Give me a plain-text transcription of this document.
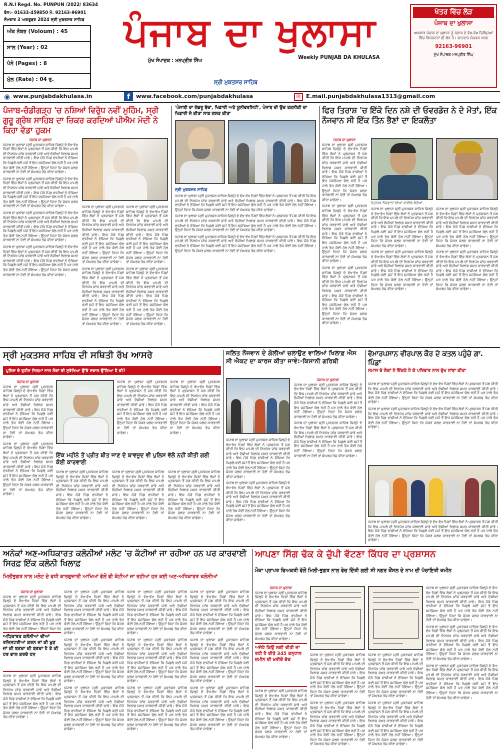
R.N.I Regd. No. PUNPUN /2022/ 83634
ਫੋਨ:- 01633-459850 ਮੋ. 92163-96901
ਸੋਮਵਾਰ 3 ਅਕਤੂਬਰ 2024 ਸ੍ਰੀ ਮੁਕਤਸਰ ਸਾਹਿਬ
ਅੰਕ ਨੰਬਰ (Voloum) : 45
ਸਾਲ (Year) : 02
ਪੰਨੇ (Pages) : 8
ਮੁੱਲ (Rate) : 04 ਰੁ.
ਪੰਜਾਬ ਦਾ ਖੁਲਾਸਾ
Weekly PUNJAB DA KHULASA
ਮੁੱਖ ਸੰਪਾਦਕ : ਮਨਪ੍ਰੀਤ ਸਿੰਘ
ਸ੍ਰੀ ਮੁਕਤਸਰ ਸਾਹਿਬ
ਖੇਤਰ ਵਿੱਚ ਲੋੜ
ਪੰਜਾਬ ਦਾ ਖੁਲਾਸਾ
ਅਖਬਾਰ ਪੰਜਾਬ ਦਾ ਖੁਲਾਸਾ ਨੂੰ ਪੰਜਾਬ ਦੇ ਵੱਖ-ਵੱਖ ਜ਼ਿਲ੍ਹਿਆਂ ਵਿੱਚ ਰਿਪੋਰਟਰਾਂ ਦੀ ਲੋੜ ਹੈ। ਚਾਹਵਾਨ ਸੰਪਰਕ ਕਰਨ
92163-96901
ਮੁੱਖ ਸੰਪਾਦਕ ਮਨਪ੍ਰੀਤ ਸਿੰਘ
◉ www.punjabdakhulasa.in	f	www.facebook.com/punjabdakhulasa	✉ E.mail.punjabdakhulasa1313@gmail.com
ਪੰਜਾਬ-ਚੰਡੀਗੜ੍ਹ 'ਚ ਨਸ਼ਿਆਂ ਵਿਰੁੱਧ ਨਵੀਂ ਮੁਹਿੰਮ, ਸ੍ਰੀ ਗੁਰੂ ਗ੍ਰੰਥ ਸਾਹਿਬ ਦਾ ਜ਼ਿਕਰ ਕਰਦਿਆਂ ਪੀਐਮ ਮੋਦੀ ਨੇ ਕਿਹਾ ਵੱਡਾ ਹੁਕਮ
ਪੰਜਾਬ ਦਾ ਖੁਲਾਸਾ
ਪੰਜਾਬ ਦਾ ਖੁਲਾਸਾ ਸ੍ਰੀ ਮੁਕਤਸਰ ਸਾਹਿਬ ਜ਼ਿਲ੍ਹੇ ਦੇ ਵੱਖ-ਵੱਖ ਪਿੰਡਾਂ ਵਿੱਚ ਲੋਕਾਂ ਨੇ ਪ੍ਰਸ਼ਾਸਨ ਤੋਂ ਮੰਗ ਕੀਤੀ ਕਿ ਇਸ ਮਾਮਲੇ ਦੀ ਨਿਰਪੱਖ ਜਾਂਚ ਕਰਵਾਈ ਜਾਵੇ ਅਤੇ ਦੋਸ਼ੀਆਂ ਖਿਲਾਫ਼ ਸਖ਼ਤ ਕਾਰਵਾਈ ਕੀਤੀ ਜਾਵੇ। ਇਸ ਮੌਕੇ ਪਿੰਡ ਵਾਸੀਆਂ ਨੇ ਦੱਸਿਆ ਕਿ ਪਿਛਲੇ ਕਈ ਸਮੇਂ ਤੋਂ ਇਹ ਸਮੱਸਿਆ ਚੱਲ ਰਹੀ ਹੈ ਪਰ ਹਾਲੇ ਤੱਕ ਕੋਈ ਹੱਲ ਨਹੀਂ ਹੋਇਆ। ਉਨ੍ਹਾਂ ਕਿਹਾ ਕਿ ਜੇਕਰ ਜਲਦ ਕਾਰਵਾਈ ਨਾ ਹੋਈ ਤਾਂ ਸੰਘਰਸ਼ ਤੇਜ਼ ਕੀਤਾ ਜਾਵੇਗਾ।
ਪੰਜਾਬ ਦਾ ਖੁਲਾਸਾ ਸ੍ਰੀ ਮੁਕਤਸਰ ਸਾਹਿਬ ਜ਼ਿਲ੍ਹੇ ਦੇ ਵੱਖ-ਵੱਖ ਪਿੰਡਾਂ ਵਿੱਚ ਲੋਕਾਂ ਨੇ ਪ੍ਰਸ਼ਾਸਨ ਤੋਂ ਮੰਗ ਕੀਤੀ ਕਿ ਇਸ ਮਾਮਲੇ ਦੀ ਨਿਰਪੱਖ ਜਾਂਚ ਕਰਵਾਈ ਜਾਵੇ ਅਤੇ ਦੋਸ਼ੀਆਂ ਖਿਲਾਫ਼ ਸਖ਼ਤ ਕਾਰਵਾਈ ਕੀਤੀ ਜਾਵੇ। ਇਸ ਮੌਕੇ ਪਿੰਡ ਵਾਸੀਆਂ ਨੇ ਦੱਸਿਆ ਕਿ ਪਿਛਲੇ ਕਈ ਸਮੇਂ ਤੋਂ ਇਹ ਸਮੱਸਿਆ ਚੱਲ ਰਹੀ ਹੈ ਪਰ ਹਾਲੇ ਤੱਕ ਕੋਈ ਹੱਲ ਨਹੀਂ ਹੋਇਆ। ਉਨ੍ਹਾਂ ਕਿਹਾ ਕਿ ਜੇਕਰ ਜਲਦ ਕਾਰਵਾਈ ਨਾ ਹੋਈ ਤਾਂ ਸੰਘਰਸ਼ ਤੇਜ਼ ਕੀਤਾ ਜਾਵੇਗਾ।
ਪੰਜਾਬ ਦਾ ਖੁਲਾਸਾ ਸ੍ਰੀ ਮੁਕਤਸਰ ਸਾਹਿਬ ਜ਼ਿਲ੍ਹੇ ਦੇ ਵੱਖ-ਵੱਖ ਪਿੰਡਾਂ ਵਿੱਚ ਲੋਕਾਂ ਨੇ ਪ੍ਰਸ਼ਾਸਨ ਤੋਂ ਮੰਗ ਕੀਤੀ ਕਿ ਇਸ ਮਾਮਲੇ ਦੀ ਨਿਰਪੱਖ ਜਾਂਚ ਕਰਵਾਈ ਜਾਵੇ ਅਤੇ ਦੋਸ਼ੀਆਂ ਖਿਲਾਫ਼ ਸਖ਼ਤ ਕਾਰਵਾਈ ਕੀਤੀ ਜਾਵੇ। ਇਸ ਮੌਕੇ ਪਿੰਡ ਵਾਸੀਆਂ ਨੇ ਦੱਸਿਆ ਕਿ ਪਿਛਲੇ ਕਈ ਸਮੇਂ ਤੋਂ ਇਹ ਸਮੱਸਿਆ ਚੱਲ ਰਹੀ ਹੈ ਪਰ ਹਾਲੇ ਤੱਕ ਕੋਈ ਹੱਲ ਨਹੀਂ ਹੋਇਆ। ਉਨ੍ਹਾਂ ਕਿਹਾ ਕਿ ਜੇਕਰ ਜਲਦ ਕਾਰਵਾਈ ਨਾ ਹੋਈ ਤਾਂ ਸੰਘਰਸ਼ ਤੇਜ਼ ਕੀਤਾ ਜਾਵੇਗਾ।
ਪੰਜਾਬ ਦਾ ਖੁਲਾਸਾ ਸ੍ਰੀ ਮੁਕਤਸਰ ਸਾਹਿਬ ਜ਼ਿਲ੍ਹੇ ਦੇ ਵੱਖ-ਵੱਖ ਪਿੰਡਾਂ ਵਿੱਚ ਲੋਕਾਂ ਨੇ ਪ੍ਰਸ਼ਾਸਨ ਤੋਂ ਮੰਗ ਕੀਤੀ ਕਿ ਇਸ ਮਾਮਲੇ ਦੀ ਨਿਰਪੱਖ ਜਾਂਚ ਕਰਵਾਈ ਜਾਵੇ ਅਤੇ ਦੋਸ਼ੀਆਂ ਖਿਲਾਫ਼ ਸਖ਼ਤ ਕਾਰਵਾਈ ਕੀਤੀ ਜਾਵੇ। ਇਸ ਮੌਕੇ ਪਿੰਡ ਵਾਸੀਆਂ ਨੇ ਦੱਸਿਆ ਕਿ ਪਿਛਲੇ ਕਈ ਸਮੇਂ ਤੋਂ ਇਹ ਸਮੱਸਿਆ ਚੱਲ ਰਹੀ ਹੈ ਪਰ ਹਾਲੇ ਤੱਕ ਕੋਈ ਹੱਲ ਨਹੀਂ ਹੋਇਆ। ਉਨ੍ਹਾਂ ਕਿਹਾ ਕਿ ਜੇਕਰ ਜਲਦ ਕਾਰਵਾਈ ਨਾ ਹੋਈ ਤਾਂ ਸੰਘਰਸ਼ ਤੇਜ਼ ਕੀਤਾ ਜਾਵੇਗਾ।
ਪੰਜਾਬ ਦਾ ਖੁਲਾਸਾ ਸ੍ਰੀ ਮੁਕਤਸਰ ਸਾਹਿਬ ਜ਼ਿਲ੍ਹੇ ਦੇ ਵੱਖ-ਵੱਖ ਪਿੰਡਾਂ ਵਿੱਚ ਲੋਕਾਂ ਨੇ ਪ੍ਰਸ਼ਾਸਨ ਤੋਂ ਮੰਗ ਕੀਤੀ ਕਿ ਇਸ ਮਾਮਲੇ ਦੀ ਨਿਰਪੱਖ ਜਾਂਚ ਕਰਵਾਈ ਜਾਵੇ ਅਤੇ ਦੋਸ਼ੀਆਂ ਖਿਲਾਫ਼ ਸਖ਼ਤ ਕਾਰਵਾਈ ਕੀਤੀ ਜਾਵੇ। ਇਸ ਮੌਕੇ ਪਿੰਡ ਵਾਸੀਆਂ ਨੇ ਦੱਸਿਆ ਕਿ ਪਿਛਲੇ ਕਈ ਸਮੇਂ ਤੋਂ ਇਹ ਸਮੱਸਿਆ ਚੱਲ ਰਹੀ ਹੈ ਪਰ ਹਾਲੇ ਤੱਕ ਕੋਈ ਹੱਲ ਨਹੀਂ ਹੋਇਆ। ਉਨ੍ਹਾਂ ਕਿਹਾ ਕਿ ਜੇਕਰ ਜਲਦ ਕਾਰਵਾਈ ਨਾ ਹੋਈ ਤਾਂ ਸੰਘਰਸ਼ ਤੇਜ਼ ਕੀਤਾ ਜਾਵੇਗਾ।
ਪੰਜਾਬ ਦਾ ਖੁਲਾਸਾ ਸ੍ਰੀ ਮੁਕਤਸਰ ਸਾਹਿਬ ਜ਼ਿਲ੍ਹੇ ਦੇ ਵੱਖ-ਵੱਖ ਪਿੰਡਾਂ ਵਿੱਚ ਲੋਕਾਂ ਨੇ ਪ੍ਰਸ਼ਾਸਨ ਤੋਂ ਮੰਗ ਕੀਤੀ ਕਿ ਇਸ ਮਾਮਲੇ ਦੀ ਨਿਰਪੱਖ ਜਾਂਚ ਕਰਵਾਈ ਜਾਵੇ ਅਤੇ ਦੋਸ਼ੀਆਂ ਖਿਲਾਫ਼ ਸਖ਼ਤ ਕਾਰਵਾਈ ਕੀਤੀ ਜਾਵੇ। ਇਸ ਮੌਕੇ ਪਿੰਡ ਵਾਸੀਆਂ ਨੇ ਦੱਸਿਆ ਕਿ ਪਿਛਲੇ ਕਈ ਸਮੇਂ ਤੋਂ ਇਹ ਸਮੱਸਿਆ ਚੱਲ ਰਹੀ ਹੈ ਪਰ ਹਾਲੇ ਤੱਕ ਕੋਈ ਹੱਲ ਨਹੀਂ ਹੋਇਆ। ਉਨ੍ਹਾਂ ਕਿਹਾ ਕਿ ਜੇਕਰ ਜਲਦ ਕਾਰਵਾਈ ਨਾ ਹੋਈ ਤਾਂ ਸੰਘਰਸ਼ ਤੇਜ਼ ਕੀਤਾ ਜਾਵੇਗਾ।
ਪੰਜਾਬ ਦਾ ਖੁਲਾਸਾ ਸ੍ਰੀ ਮੁਕਤਸਰ ਸਾਹਿਬ ਜ਼ਿਲ੍ਹੇ ਦੇ ਵੱਖ-ਵੱਖ ਪਿੰਡਾਂ ਵਿੱਚ ਲੋਕਾਂ ਨੇ ਪ੍ਰਸ਼ਾਸਨ ਤੋਂ ਮੰਗ ਕੀਤੀ ਕਿ ਇਸ ਮਾਮਲੇ ਦੀ ਨਿਰਪੱਖ ਜਾਂਚ ਕਰਵਾਈ ਜਾਵੇ ਅਤੇ ਦੋਸ਼ੀਆਂ ਖਿਲਾਫ਼ ਸਖ਼ਤ ਕਾਰਵਾਈ ਕੀਤੀ ਜਾਵੇ। ਇਸ ਮੌਕੇ ਪਿੰਡ ਵਾਸੀਆਂ ਨੇ ਦੱਸਿਆ ਕਿ ਪਿਛਲੇ ਕਈ ਸਮੇਂ ਤੋਂ ਇਹ ਸਮੱਸਿਆ ਚੱਲ ਰਹੀ ਹੈ ਪਰ ਹਾਲੇ ਤੱਕ ਕੋਈ ਹੱਲ ਨਹੀਂ ਹੋਇਆ। ਉਨ੍ਹਾਂ ਕਿਹਾ ਕਿ ਜੇਕਰ ਜਲਦ ਕਾਰਵਾਈ ਨਾ ਹੋਈ ਤਾਂ ਸੰਘਰਸ਼ ਤੇਜ਼ ਕੀਤਾ ਜਾਵੇਗਾ।
ਪੰਜਾਬ ਦਾ ਖੁਲਾਸਾ ਸ੍ਰੀ ਮੁਕਤਸਰ ਸਾਹਿਬ ਜ਼ਿਲ੍ਹੇ ਦੇ ਵੱਖ-ਵੱਖ ਪਿੰਡਾਂ ਵਿੱਚ ਲੋਕਾਂ ਨੇ ਪ੍ਰਸ਼ਾਸਨ ਤੋਂ ਮੰਗ ਕੀਤੀ ਕਿ ਇਸ ਮਾਮਲੇ ਦੀ ਨਿਰਪੱਖ ਜਾਂਚ ਕਰਵਾਈ ਜਾਵੇ ਅਤੇ ਦੋਸ਼ੀਆਂ ਖਿਲਾਫ਼ ਸਖ਼ਤ ਕਾਰਵਾਈ ਕੀਤੀ ਜਾਵੇ। ਇਸ ਮੌਕੇ ਪਿੰਡ ਵਾਸੀਆਂ ਨੇ ਦੱਸਿਆ ਕਿ ਪਿਛਲੇ ਕਈ ਸਮੇਂ ਤੋਂ ਇਹ ਸਮੱਸਿਆ ਚੱਲ ਰਹੀ ਹੈ ਪਰ ਹਾਲੇ ਤੱਕ ਕੋਈ ਹੱਲ ਨਹੀਂ ਹੋਇਆ। ਉਨ੍ਹਾਂ ਕਿਹਾ ਕਿ ਜੇਕਰ ਜਲਦ ਕਾਰਵਾਈ ਨਾ ਹੋਈ ਤਾਂ ਸੰਘਰਸ਼ ਤੇਜ਼ ਕੀਤਾ ਜਾਵੇਗਾ।
'ਪੰਜਾਬੀ ਦਾ ਗੱਭਰੂ ਬੱਚਾ, ਖਿਡਾਰੀ ਅਤੇ ਯੂਨੀਵਰਸਿਟੀ', ਪੰਜਾਬ ਦੀ ਉਚ ਤਕਨੀਕੀ ਦਾ ਖਿਡਾਰੀ ਜੋ ਕੀਤਾ ਸਾਫ਼ ਗਲਤ ਕੀਤਾ
ਸ੍ਰੀ ਮੁਕਤਸਰ ਸਾਹਿਬ
ਪੰਜਾਬ ਦਾ ਖੁਲਾਸਾ ਸ੍ਰੀ ਮੁਕਤਸਰ ਸਾਹਿਬ ਜ਼ਿਲ੍ਹੇ ਦੇ ਵੱਖ-ਵੱਖ ਪਿੰਡਾਂ ਵਿੱਚ ਲੋਕਾਂ ਨੇ ਪ੍ਰਸ਼ਾਸਨ ਤੋਂ ਮੰਗ ਕੀਤੀ ਕਿ ਇਸ ਮਾਮਲੇ ਦੀ ਨਿਰਪੱਖ ਜਾਂਚ ਕਰਵਾਈ ਜਾਵੇ ਅਤੇ ਦੋਸ਼ੀਆਂ ਖਿਲਾਫ਼ ਸਖ਼ਤ ਕਾਰਵਾਈ ਕੀਤੀ ਜਾਵੇ। ਇਸ ਮੌਕੇ ਪਿੰਡ ਵਾਸੀਆਂ ਨੇ ਦੱਸਿਆ ਕਿ ਪਿਛਲੇ ਕਈ ਸਮੇਂ ਤੋਂ ਇਹ ਸਮੱਸਿਆ ਚੱਲ ਰਹੀ ਹੈ ਪਰ ਹਾਲੇ ਤੱਕ ਕੋਈ ਹੱਲ ਨਹੀਂ ਹੋਇਆ। ਉਨ੍ਹਾਂ ਕਿਹਾ ਕਿ ਜੇਕਰ ਜਲਦ ਕਾਰਵਾਈ ਨਾ ਹੋਈ ਤਾਂ ਸੰਘਰਸ਼ ਤੇਜ਼ ਕੀਤਾ ਜਾਵੇਗਾ।
ਪੰਜਾਬ ਦਾ ਖੁਲਾਸਾ ਸ੍ਰੀ ਮੁਕਤਸਰ ਸਾਹਿਬ ਜ਼ਿਲ੍ਹੇ ਦੇ ਵੱਖ-ਵੱਖ ਪਿੰਡਾਂ ਵਿੱਚ ਲੋਕਾਂ ਨੇ ਪ੍ਰਸ਼ਾਸਨ ਤੋਂ ਮੰਗ ਕੀਤੀ ਕਿ ਇਸ ਮਾਮਲੇ ਦੀ ਨਿਰਪੱਖ ਜਾਂਚ ਕਰਵਾਈ ਜਾਵੇ ਅਤੇ ਦੋਸ਼ੀਆਂ ਖਿਲਾਫ਼ ਸਖ਼ਤ ਕਾਰਵਾਈ ਕੀਤੀ ਜਾਵੇ। ਇਸ ਮੌਕੇ ਪਿੰਡ ਵਾਸੀਆਂ ਨੇ ਦੱਸਿਆ ਕਿ ਪਿਛਲੇ ਕਈ ਸਮੇਂ ਤੋਂ ਇਹ ਸਮੱਸਿਆ ਚੱਲ ਰਹੀ ਹੈ ਪਰ ਹਾਲੇ ਤੱਕ ਕੋਈ ਹੱਲ ਨਹੀਂ ਹੋਇਆ। ਉਨ੍ਹਾਂ ਕਿਹਾ ਕਿ ਜੇਕਰ ਜਲਦ ਕਾਰਵਾਈ ਨਾ ਹੋਈ ਤਾਂ ਸੰਘਰਸ਼ ਤੇਜ਼ ਕੀਤਾ ਜਾਵੇਗਾ।
ਪੰਜਾਬ ਦਾ ਖੁਲਾਸਾ ਸ੍ਰੀ ਮੁਕਤਸਰ ਸਾਹਿਬ ਜ਼ਿਲ੍ਹੇ ਦੇ ਵੱਖ-ਵੱਖ ਪਿੰਡਾਂ ਵਿੱਚ ਲੋਕਾਂ ਨੇ ਪ੍ਰਸ਼ਾਸਨ ਤੋਂ ਮੰਗ ਕੀਤੀ ਕਿ ਇਸ ਮਾਮਲੇ ਦੀ ਨਿਰਪੱਖ ਜਾਂਚ ਕਰਵਾਈ ਜਾਵੇ ਅਤੇ ਦੋਸ਼ੀਆਂ ਖਿਲਾਫ਼ ਸਖ਼ਤ ਕਾਰਵਾਈ ਕੀਤੀ ਜਾਵੇ। ਇਸ ਮੌਕੇ ਪਿੰਡ ਵਾਸੀਆਂ ਨੇ ਦੱਸਿਆ ਕਿ ਪਿਛਲੇ ਕਈ ਸਮੇਂ ਤੋਂ ਇਹ ਸਮੱਸਿਆ ਚੱਲ ਰਹੀ ਹੈ ਪਰ ਹਾਲੇ ਤੱਕ ਕੋਈ ਹੱਲ ਨਹੀਂ ਹੋਇਆ। ਉਨ੍ਹਾਂ ਕਿਹਾ ਕਿ ਜੇਕਰ ਜਲਦ ਕਾਰਵਾਈ ਨਾ ਹੋਈ ਤਾਂ ਸੰਘਰਸ਼ ਤੇਜ਼ ਕੀਤਾ ਜਾਵੇਗਾ।
ਫਿਰ ਤਿਰਾਸ਼ 'ਚ ਇੱਕੋ ਦਿਨ ਨਸ਼ੇ ਦੀ ਓਵਰਡੋਜ਼ ਨੇ ਦੋ ਮੌਤਾਂ, ਇੱਕ ਨੌਜਵਾਨ ਸੀ ਇੱਕ ਤਿੰਨ ਭੈਣਾਂ ਦਾ ਇਕਲੌਤਾ
ਪੰਜਾਬ ਦਾ ਖੁਲਾਸਾ
ਪੰਜਾਬ ਦਾ ਖੁਲਾਸਾ ਸ੍ਰੀ ਮੁਕਤਸਰ ਸਾਹਿਬ ਜ਼ਿਲ੍ਹੇ ਦੇ ਵੱਖ-ਵੱਖ ਪਿੰਡਾਂ ਵਿੱਚ ਲੋਕਾਂ ਨੇ ਪ੍ਰਸ਼ਾਸਨ ਤੋਂ ਮੰਗ ਕੀਤੀ ਕਿ ਇਸ ਮਾਮਲੇ ਦੀ ਨਿਰਪੱਖ ਜਾਂਚ ਕਰਵਾਈ ਜਾਵੇ ਅਤੇ ਦੋਸ਼ੀਆਂ ਖਿਲਾਫ਼ ਸਖ਼ਤ ਕਾਰਵਾਈ ਕੀਤੀ ਜਾਵੇ। ਇਸ ਮੌਕੇ ਪਿੰਡ ਵਾਸੀਆਂ ਨੇ ਦੱਸਿਆ ਕਿ ਪਿਛਲੇ ਕਈ ਸਮੇਂ ਤੋਂ ਇਹ ਸਮੱਸਿਆ ਚੱਲ ਰਹੀ ਹੈ ਪਰ ਹਾਲੇ ਤੱਕ ਕੋਈ ਹੱਲ ਨਹੀਂ ਹੋਇਆ। ਉਨ੍ਹਾਂ ਕਿਹਾ ਕਿ ਜੇਕਰ ਜਲਦ ਕਾਰਵਾਈ ਨਾ ਹੋਈ ਤਾਂ ਸੰਘਰਸ਼ ਤੇਜ਼ ਕੀਤਾ ਜਾਵੇਗਾ।
ਪੰਜਾਬ ਦਾ ਖੁਲਾਸਾ ਸ੍ਰੀ ਮੁਕਤਸਰ ਸਾਹਿਬ ਜ਼ਿਲ੍ਹੇ ਦੇ ਵੱਖ-ਵੱਖ ਪਿੰਡਾਂ ਵਿੱਚ ਲੋਕਾਂ ਨੇ ਪ੍ਰਸ਼ਾਸਨ ਤੋਂ ਮੰਗ ਕੀਤੀ ਕਿ ਇਸ ਮਾਮਲੇ ਦੀ ਨਿਰਪੱਖ ਜਾਂਚ ਕਰਵਾਈ ਜਾਵੇ ਅਤੇ ਦੋਸ਼ੀਆਂ ਖਿਲਾਫ਼ ਸਖ਼ਤ ਕਾਰਵਾਈ ਕੀਤੀ ਜਾਵੇ। ਇਸ ਮੌਕੇ ਪਿੰਡ ਵਾਸੀਆਂ ਨੇ ਦੱਸਿਆ ਕਿ ਪਿਛਲੇ ਕਈ ਸਮੇਂ ਤੋਂ ਇਹ ਸਮੱਸਿਆ ਚੱਲ ਰਹੀ ਹੈ ਪਰ ਹਾਲੇ ਤੱਕ ਕੋਈ ਹੱਲ ਨਹੀਂ ਹੋਇਆ। ਉਨ੍ਹਾਂ ਕਿਹਾ ਕਿ ਜੇਕਰ ਜਲਦ ਕਾਰਵਾਈ ਨਾ ਹੋਈ ਤਾਂ ਸੰਘਰਸ਼ ਤੇਜ਼ ਕੀਤਾ ਜਾਵੇਗਾ।
ਪੰਜਾਬ ਦਾ ਖੁਲਾਸਾ ਸ੍ਰੀ ਮੁਕਤਸਰ ਸਾਹਿਬ ਜ਼ਿਲ੍ਹੇ ਦੇ ਵੱਖ-ਵੱਖ ਪਿੰਡਾਂ ਵਿੱਚ ਲੋਕਾਂ ਨੇ ਪ੍ਰਸ਼ਾਸਨ ਤੋਂ ਮੰਗ ਕੀਤੀ ਕਿ ਇਸ ਮਾਮਲੇ ਦੀ ਨਿਰਪੱਖ ਜਾਂਚ ਕਰਵਾਈ ਜਾਵੇ ਅਤੇ ਦੋਸ਼ੀਆਂ ਖਿਲਾਫ਼ ਸਖ਼ਤ ਕਾਰਵਾਈ ਕੀਤੀ ਜਾਵੇ। ਇਸ ਮੌਕੇ ਪਿੰਡ ਵਾਸੀਆਂ ਨੇ ਦੱਸਿਆ ਕਿ ਪਿਛਲੇ ਕਈ ਸਮੇਂ ਤੋਂ ਇਹ ਸਮੱਸਿਆ ਚੱਲ ਰਹੀ ਹੈ ਪਰ ਹਾਲੇ ਤੱਕ ਕੋਈ ਹੱਲ ਨਹੀਂ ਹੋਇਆ। ਉਨ੍ਹਾਂ ਕਿਹਾ ਕਿ ਜੇਕਰ ਜਲਦ ਕਾਰਵਾਈ ਨਾ ਹੋਈ ਤਾਂ ਸੰਘਰਸ਼ ਤੇਜ਼ ਕੀਤਾ ਜਾਵੇਗਾ।
ਮ੍ਰਿਤਕ ਨੌਜਵਾਨਾਂ ਦੀਆਂ ਫਾਈਲ ਫੋਟੋਆਂ
ਪੰਜਾਬ ਦਾ ਖੁਲਾਸਾ ਸ੍ਰੀ ਮੁਕਤਸਰ ਸਾਹਿਬ ਜ਼ਿਲ੍ਹੇ ਦੇ ਵੱਖ-ਵੱਖ ਪਿੰਡਾਂ ਵਿੱਚ ਲੋਕਾਂ ਨੇ ਪ੍ਰਸ਼ਾਸਨ ਤੋਂ ਮੰਗ ਕੀਤੀ ਕਿ ਇਸ ਮਾਮਲੇ ਦੀ ਨਿਰਪੱਖ ਜਾਂਚ ਕਰਵਾਈ ਜਾਵੇ ਅਤੇ ਦੋਸ਼ੀਆਂ ਖਿਲਾਫ਼ ਸਖ਼ਤ ਕਾਰਵਾਈ ਕੀਤੀ ਜਾਵੇ। ਇਸ ਮੌਕੇ ਪਿੰਡ ਵਾਸੀਆਂ ਨੇ ਦੱਸਿਆ ਕਿ ਪਿਛਲੇ ਕਈ ਸਮੇਂ ਤੋਂ ਇਹ ਸਮੱਸਿਆ ਚੱਲ ਰਹੀ ਹੈ ਪਰ ਹਾਲੇ ਤੱਕ ਕੋਈ ਹੱਲ ਨਹੀਂ ਹੋਇਆ। ਉਨ੍ਹਾਂ ਕਿਹਾ ਕਿ ਜੇਕਰ ਜਲਦ ਕਾਰਵਾਈ ਨਾ ਹੋਈ ਤਾਂ ਸੰਘਰਸ਼ ਤੇਜ਼ ਕੀਤਾ ਜਾਵੇਗਾ।
ਪੰਜਾਬ ਦਾ ਖੁਲਾਸਾ ਸ੍ਰੀ ਮੁਕਤਸਰ ਸਾਹਿਬ ਜ਼ਿਲ੍ਹੇ ਦੇ ਵੱਖ-ਵੱਖ ਪਿੰਡਾਂ ਵਿੱਚ ਲੋਕਾਂ ਨੇ ਪ੍ਰਸ਼ਾਸਨ ਤੋਂ ਮੰਗ ਕੀਤੀ ਕਿ ਇਸ ਮਾਮਲੇ ਦੀ ਨਿਰਪੱਖ ਜਾਂਚ ਕਰਵਾਈ ਜਾਵੇ ਅਤੇ ਦੋਸ਼ੀਆਂ ਖਿਲਾਫ਼ ਸਖ਼ਤ ਕਾਰਵਾਈ ਕੀਤੀ ਜਾਵੇ। ਇਸ ਮੌਕੇ ਪਿੰਡ ਵਾਸੀਆਂ ਨੇ ਦੱਸਿਆ ਕਿ ਪਿਛਲੇ ਕਈ ਸਮੇਂ ਤੋਂ ਇਹ ਸਮੱਸਿਆ ਚੱਲ ਰਹੀ ਹੈ ਪਰ ਹਾਲੇ ਤੱਕ ਕੋਈ ਹੱਲ ਨਹੀਂ ਹੋਇਆ। ਉਨ੍ਹਾਂ ਕਿਹਾ ਕਿ ਜੇਕਰ ਜਲਦ ਕਾਰਵਾਈ ਨਾ ਹੋਈ ਤਾਂ ਸੰਘਰਸ਼ ਤੇਜ਼ ਕੀਤਾ ਜਾਵੇਗਾ।
ਪੰਜਾਬ ਦਾ ਖੁਲਾਸਾ ਸ੍ਰੀ ਮੁਕਤਸਰ ਸਾਹਿਬ ਜ਼ਿਲ੍ਹੇ ਦੇ ਵੱਖ-ਵੱਖ ਪਿੰਡਾਂ ਵਿੱਚ ਲੋਕਾਂ ਨੇ ਪ੍ਰਸ਼ਾਸਨ ਤੋਂ ਮੰਗ ਕੀਤੀ ਕਿ ਇਸ ਮਾਮਲੇ ਦੀ ਨਿਰਪੱਖ ਜਾਂਚ ਕਰਵਾਈ ਜਾਵੇ ਅਤੇ ਦੋਸ਼ੀਆਂ ਖਿਲਾਫ਼ ਸਖ਼ਤ ਕਾਰਵਾਈ ਕੀਤੀ ਜਾਵੇ। ਇਸ ਮੌਕੇ ਪਿੰਡ ਵਾਸੀਆਂ ਨੇ ਦੱਸਿਆ ਕਿ ਪਿਛਲੇ ਕਈ ਸਮੇਂ ਤੋਂ ਇਹ ਸਮੱਸਿਆ ਚੱਲ ਰਹੀ ਹੈ ਪਰ ਹਾਲੇ ਤੱਕ ਕੋਈ ਹੱਲ ਨਹੀਂ ਹੋਇਆ। ਉਨ੍ਹਾਂ ਕਿਹਾ ਕਿ ਜੇਕਰ ਜਲਦ ਕਾਰਵਾਈ ਨਾ ਹੋਈ ਤਾਂ ਸੰਘਰਸ਼ ਤੇਜ਼ ਕੀਤਾ ਜਾਵੇਗਾ।
ਪੰਜਾਬ ਦਾ ਖੁਲਾਸਾ ਸ੍ਰੀ ਮੁਕਤਸਰ ਸਾਹਿਬ ਜ਼ਿਲ੍ਹੇ ਦੇ ਵੱਖ-ਵੱਖ ਪਿੰਡਾਂ ਵਿੱਚ ਲੋਕਾਂ ਨੇ ਪ੍ਰਸ਼ਾਸਨ ਤੋਂ ਮੰਗ ਕੀਤੀ ਕਿ ਇਸ ਮਾਮਲੇ ਦੀ ਨਿਰਪੱਖ ਜਾਂਚ ਕਰਵਾਈ ਜਾਵੇ ਅਤੇ ਦੋਸ਼ੀਆਂ ਖਿਲਾਫ਼ ਸਖ਼ਤ ਕਾਰਵਾਈ ਕੀਤੀ ਜਾਵੇ। ਇਸ ਮੌਕੇ ਪਿੰਡ ਵਾਸੀਆਂ ਨੇ ਦੱਸਿਆ ਕਿ ਪਿਛਲੇ ਕਈ ਸਮੇਂ ਤੋਂ ਇਹ ਸਮੱਸਿਆ ਚੱਲ ਰਹੀ ਹੈ ਪਰ ਹਾਲੇ ਤੱਕ ਕੋਈ ਹੱਲ ਨਹੀਂ ਹੋਇਆ। ਉਨ੍ਹਾਂ ਕਿਹਾ ਕਿ ਜੇਕਰ ਜਲਦ ਕਾਰਵਾਈ ਨਾ ਹੋਈ ਤਾਂ ਸੰਘਰਸ਼ ਤੇਜ਼ ਕੀਤਾ ਜਾਵੇਗਾ।
ਸ੍ਰੀ ਮੁਕਤਸਰ ਸਾਹਿਬ ਦੀ ਸਥਿਤੀ ਰੱਖ ਆਸਰੇ
ਪੁਲਿਸ ਦੇ ਰੁਟੀਨ ਨਿਯਮਾਂ ਨਾਲ ਲੋਕਾਂ ਦੀ ਸੁਰੱਖਿਆ ਉੱਤੇ ਸਵਾਲ ਉੱਠਿਆ ਹੈ ਕੀ?
ਪੰਜਾਬ ਦਾ ਖੁਲਾਸਾ
ਪੰਜਾਬ ਦਾ ਖੁਲਾਸਾ ਸ੍ਰੀ ਮੁਕਤਸਰ ਸਾਹਿਬ ਜ਼ਿਲ੍ਹੇ ਦੇ ਵੱਖ-ਵੱਖ ਪਿੰਡਾਂ ਵਿੱਚ ਲੋਕਾਂ ਨੇ ਪ੍ਰਸ਼ਾਸਨ ਤੋਂ ਮੰਗ ਕੀਤੀ ਕਿ ਇਸ ਮਾਮਲੇ ਦੀ ਨਿਰਪੱਖ ਜਾਂਚ ਕਰਵਾਈ ਜਾਵੇ ਅਤੇ ਦੋਸ਼ੀਆਂ ਖਿਲਾਫ਼ ਸਖ਼ਤ ਕਾਰਵਾਈ ਕੀਤੀ ਜਾਵੇ। ਇਸ ਮੌਕੇ ਪਿੰਡ ਵਾਸੀਆਂ ਨੇ ਦੱਸਿਆ ਕਿ ਪਿਛਲੇ ਕਈ ਸਮੇਂ ਤੋਂ ਇਹ ਸਮੱਸਿਆ ਚੱਲ ਰਹੀ ਹੈ ਪਰ ਹਾਲੇ ਤੱਕ ਕੋਈ ਹੱਲ ਨਹੀਂ ਹੋਇਆ। ਉਨ੍ਹਾਂ ਕਿਹਾ ਕਿ ਜੇਕਰ ਜਲਦ ਕਾਰਵਾਈ ਨਾ ਹੋਈ ਤਾਂ ਸੰਘਰਸ਼ ਤੇਜ਼ ਕੀਤਾ ਜਾਵੇਗਾ।
ਪੰਜਾਬ ਦਾ ਖੁਲਾਸਾ ਸ੍ਰੀ ਮੁਕਤਸਰ ਸਾਹਿਬ ਜ਼ਿਲ੍ਹੇ ਦੇ ਵੱਖ-ਵੱਖ ਪਿੰਡਾਂ ਵਿੱਚ ਲੋਕਾਂ ਨੇ ਪ੍ਰਸ਼ਾਸਨ ਤੋਂ ਮੰਗ ਕੀਤੀ ਕਿ ਇਸ ਮਾਮਲੇ ਦੀ ਨਿਰਪੱਖ ਜਾਂਚ ਕਰਵਾਈ ਜਾਵੇ ਅਤੇ ਦੋਸ਼ੀਆਂ ਖਿਲਾਫ਼ ਸਖ਼ਤ ਕਾਰਵਾਈ ਕੀਤੀ ਜਾਵੇ। ਇਸ ਮੌਕੇ ਪਿੰਡ ਵਾਸੀਆਂ ਨੇ ਦੱਸਿਆ ਕਿ ਪਿਛਲੇ ਕਈ ਸਮੇਂ ਤੋਂ ਇਹ ਸਮੱਸਿਆ ਚੱਲ ਰਹੀ ਹੈ ਪਰ ਹਾਲੇ ਤੱਕ ਕੋਈ ਹੱਲ ਨਹੀਂ ਹੋਇਆ। ਉਨ੍ਹਾਂ ਕਿਹਾ ਕਿ ਜੇਕਰ ਜਲਦ ਕਾਰਵਾਈ ਨਾ ਹੋਈ ਤਾਂ ਸੰਘਰਸ਼ ਤੇਜ਼ ਕੀਤਾ ਜਾਵੇਗਾ।
ਪੰਜਾਬ ਦਾ ਖੁਲਾਸਾ ਸ੍ਰੀ ਮੁਕਤਸਰ ਸਾਹਿਬ ਜ਼ਿਲ੍ਹੇ ਦੇ ਵੱਖ-ਵੱਖ ਪਿੰਡਾਂ ਵਿੱਚ ਲੋਕਾਂ ਨੇ ਪ੍ਰਸ਼ਾਸਨ ਤੋਂ ਮੰਗ ਕੀਤੀ ਕਿ ਇਸ ਮਾਮਲੇ ਦੀ ਨਿਰਪੱਖ ਜਾਂਚ ਕਰਵਾਈ ਜਾਵੇ ਅਤੇ ਦੋਸ਼ੀਆਂ ਖਿਲਾਫ਼ ਸਖ਼ਤ ਕਾਰਵਾਈ ਕੀਤੀ ਜਾਵੇ। ਇਸ ਮੌਕੇ ਪਿੰਡ ਵਾਸੀਆਂ ਨੇ ਦੱਸਿਆ ਕਿ ਪਿਛਲੇ ਕਈ ਸਮੇਂ ਤੋਂ ਇਹ ਸਮੱਸਿਆ ਚੱਲ ਰਹੀ ਹੈ ਪਰ ਹਾਲੇ ਤੱਕ ਕੋਈ ਹੱਲ ਨਹੀਂ ਹੋਇਆ। ਉਨ੍ਹਾਂ ਕਿਹਾ ਕਿ ਜੇਕਰ ਜਲਦ ਕਾਰਵਾਈ ਨਾ ਹੋਈ ਤਾਂ ਸੰਘਰਸ਼ ਤੇਜ਼ ਕੀਤਾ ਜਾਵੇਗਾ।
ਪੰਜਾਬ ਦਾ ਖੁਲਾਸਾ ਸ੍ਰੀ ਮੁਕਤਸਰ ਸਾਹਿਬ ਜ਼ਿਲ੍ਹੇ ਦੇ ਵੱਖ-ਵੱਖ ਪਿੰਡਾਂ ਵਿੱਚ ਲੋਕਾਂ ਨੇ ਪ੍ਰਸ਼ਾਸਨ ਤੋਂ ਮੰਗ ਕੀਤੀ ਕਿ ਇਸ ਮਾਮਲੇ ਦੀ ਨਿਰਪੱਖ ਜਾਂਚ ਕਰਵਾਈ ਜਾਵੇ ਅਤੇ ਦੋਸ਼ੀਆਂ ਖਿਲਾਫ਼ ਸਖ਼ਤ ਕਾਰਵਾਈ ਕੀਤੀ ਜਾਵੇ। ਇਸ ਮੌਕੇ ਪਿੰਡ ਵਾਸੀਆਂ ਨੇ ਦੱਸਿਆ ਕਿ ਪਿਛਲੇ ਕਈ ਸਮੇਂ ਤੋਂ ਇਹ ਸਮੱਸਿਆ ਚੱਲ ਰਹੀ ਹੈ ਪਰ ਹਾਲੇ ਤੱਕ ਕੋਈ ਹੱਲ ਨਹੀਂ ਹੋਇਆ। ਉਨ੍ਹਾਂ ਕਿਹਾ ਕਿ ਜੇਕਰ ਜਲਦ ਕਾਰਵਾਈ ਨਾ ਹੋਈ ਤਾਂ ਸੰਘਰਸ਼ ਤੇਜ਼ ਕੀਤਾ ਜਾਵੇਗਾ।
ਇੱਕ ਮਹੀਨੇ ਤੋਂ ਪ੍ਰੀਤ ਬੀਤ ਜਾਣ ਦੇ ਬਾਵਜੂਦ ਵੀ ਪੁਲਿਸ ਵੱਲੋਂ ਨਹੀਂ ਕੀਤੀ ਗਈ ਕੋਈ ਕਾਰਵਾਈ
ਪੰਜਾਬ ਦਾ ਖੁਲਾਸਾ ਸ੍ਰੀ ਮੁਕਤਸਰ ਸਾਹਿਬ ਜ਼ਿਲ੍ਹੇ ਦੇ ਵੱਖ-ਵੱਖ ਪਿੰਡਾਂ ਵਿੱਚ ਲੋਕਾਂ ਨੇ ਪ੍ਰਸ਼ਾਸਨ ਤੋਂ ਮੰਗ ਕੀਤੀ ਕਿ ਇਸ ਮਾਮਲੇ ਦੀ ਨਿਰਪੱਖ ਜਾਂਚ ਕਰਵਾਈ ਜਾਵੇ ਅਤੇ ਦੋਸ਼ੀਆਂ ਖਿਲਾਫ਼ ਸਖ਼ਤ ਕਾਰਵਾਈ ਕੀਤੀ ਜਾਵੇ। ਇਸ ਮੌਕੇ ਪਿੰਡ ਵਾਸੀਆਂ ਨੇ ਦੱਸਿਆ ਕਿ ਪਿਛਲੇ ਕਈ ਸਮੇਂ ਤੋਂ ਇਹ ਸਮੱਸਿਆ ਚੱਲ ਰਹੀ ਹੈ ਪਰ ਹਾਲੇ ਤੱਕ ਕੋਈ ਹੱਲ ਨਹੀਂ ਹੋਇਆ। ਉਨ੍ਹਾਂ ਕਿਹਾ ਕਿ ਜੇਕਰ ਜਲਦ ਕਾਰਵਾਈ ਨਾ ਹੋਈ ਤਾਂ ਸੰਘਰਸ਼ ਤੇਜ਼ ਕੀਤਾ ਜਾਵੇਗਾ।
ਪੰਜਾਬ ਦਾ ਖੁਲਾਸਾ ਸ੍ਰੀ ਮੁਕਤਸਰ ਸਾਹਿਬ ਜ਼ਿਲ੍ਹੇ ਦੇ ਵੱਖ-ਵੱਖ ਪਿੰਡਾਂ ਵਿੱਚ ਲੋਕਾਂ ਨੇ ਪ੍ਰਸ਼ਾਸਨ ਤੋਂ ਮੰਗ ਕੀਤੀ ਕਿ ਇਸ ਮਾਮਲੇ ਦੀ ਨਿਰਪੱਖ ਜਾਂਚ ਕਰਵਾਈ ਜਾਵੇ ਅਤੇ ਦੋਸ਼ੀਆਂ ਖਿਲਾਫ਼ ਸਖ਼ਤ ਕਾਰਵਾਈ ਕੀਤੀ ਜਾਵੇ। ਇਸ ਮੌਕੇ ਪਿੰਡ ਵਾਸੀਆਂ ਨੇ ਦੱਸਿਆ ਕਿ ਪਿਛਲੇ ਕਈ ਸਮੇਂ ਤੋਂ ਇਹ ਸਮੱਸਿਆ ਚੱਲ ਰਹੀ ਹੈ ਪਰ ਹਾਲੇ ਤੱਕ ਕੋਈ ਹੱਲ ਨਹੀਂ ਹੋਇਆ। ਉਨ੍ਹਾਂ ਕਿਹਾ ਕਿ ਜੇਕਰ ਜਲਦ ਕਾਰਵਾਈ ਨਾ ਹੋਈ ਤਾਂ ਸੰਘਰਸ਼ ਤੇਜ਼ ਕੀਤਾ ਜਾਵੇਗਾ।
ਪੰਜਾਬ ਦਾ ਖੁਲਾਸਾ ਸ੍ਰੀ ਮੁਕਤਸਰ ਸਾਹਿਬ ਜ਼ਿਲ੍ਹੇ ਦੇ ਵੱਖ-ਵੱਖ ਪਿੰਡਾਂ ਵਿੱਚ ਲੋਕਾਂ ਨੇ ਪ੍ਰਸ਼ਾਸਨ ਤੋਂ ਮੰਗ ਕੀਤੀ ਕਿ ਇਸ ਮਾਮਲੇ ਦੀ ਨਿਰਪੱਖ ਜਾਂਚ ਕਰਵਾਈ ਜਾਵੇ ਅਤੇ ਦੋਸ਼ੀਆਂ ਖਿਲਾਫ਼ ਸਖ਼ਤ ਕਾਰਵਾਈ ਕੀਤੀ ਜਾਵੇ। ਇਸ ਮੌਕੇ ਪਿੰਡ ਵਾਸੀਆਂ ਨੇ ਦੱਸਿਆ ਕਿ ਪਿਛਲੇ ਕਈ ਸਮੇਂ ਤੋਂ ਇਹ ਸਮੱਸਿਆ ਚੱਲ ਰਹੀ ਹੈ ਪਰ ਹਾਲੇ ਤੱਕ ਕੋਈ ਹੱਲ ਨਹੀਂ ਹੋਇਆ। ਉਨ੍ਹਾਂ ਕਿਹਾ ਕਿ ਜੇਕਰ ਜਲਦ ਕਾਰਵਾਈ ਨਾ ਹੋਈ ਤਾਂ ਸੰਘਰਸ਼ ਤੇਜ਼ ਕੀਤਾ ਜਾਵੇਗਾ।
ਜਲਿਤ ਨੌਜਵਾਨ ਦੇ ਗੋਲੀਆਂ ਚਲਾਉਣ ਵਾਲਿਆਂ ਖਿਲਾਫ਼ ਐਸ ਸੀ ਐਕਟ ਦਾ ਕਾਰਜ ਕੀਤਾ ਜਾਵੇ:-ਕਿਸਾਨੀ ਗਰਿਬੀ
ਪੰਜਾਬ ਦਾ ਖੁਲਾਸਾ
ਪੰਜਾਬ ਦਾ ਖੁਲਾਸਾ ਸ੍ਰੀ ਮੁਕਤਸਰ ਸਾਹਿਬ ਜ਼ਿਲ੍ਹੇ ਦੇ ਵੱਖ-ਵੱਖ ਪਿੰਡਾਂ ਵਿੱਚ ਲੋਕਾਂ ਨੇ ਪ੍ਰਸ਼ਾਸਨ ਤੋਂ ਮੰਗ ਕੀਤੀ ਕਿ ਇਸ ਮਾਮਲੇ ਦੀ ਨਿਰਪੱਖ ਜਾਂਚ ਕਰਵਾਈ ਜਾਵੇ ਅਤੇ ਦੋਸ਼ੀਆਂ ਖਿਲਾਫ਼ ਸਖ਼ਤ ਕਾਰਵਾਈ ਕੀਤੀ ਜਾਵੇ। ਇਸ ਮੌਕੇ ਪਿੰਡ ਵਾਸੀਆਂ ਨੇ ਦੱਸਿਆ ਕਿ ਪਿਛਲੇ ਕਈ ਸਮੇਂ ਤੋਂ ਇਹ ਸਮੱਸਿਆ ਚੱਲ ਰਹੀ ਹੈ ਪਰ ਹਾਲੇ ਤੱਕ ਕੋਈ ਹੱਲ ਨਹੀਂ ਹੋਇਆ। ਉਨ੍ਹਾਂ ਕਿਹਾ ਕਿ ਜੇਕਰ ਜਲਦ ਕਾਰਵਾਈ ਨਾ ਹੋਈ ਤਾਂ ਸੰਘਰਸ਼ ਤੇਜ਼ ਕੀਤਾ ਜਾਵੇਗਾ।
ਪੰਜਾਬ ਦਾ ਖੁਲਾਸਾ ਸ੍ਰੀ ਮੁਕਤਸਰ ਸਾਹਿਬ ਜ਼ਿਲ੍ਹੇ ਦੇ ਵੱਖ-ਵੱਖ ਪਿੰਡਾਂ ਵਿੱਚ ਲੋਕਾਂ ਨੇ ਪ੍ਰਸ਼ਾਸਨ ਤੋਂ ਮੰਗ ਕੀਤੀ ਕਿ ਇਸ ਮਾਮਲੇ ਦੀ ਨਿਰਪੱਖ ਜਾਂਚ ਕਰਵਾਈ ਜਾਵੇ ਅਤੇ ਦੋਸ਼ੀਆਂ ਖਿਲਾਫ਼ ਸਖ਼ਤ ਕਾਰਵਾਈ ਕੀਤੀ ਜਾਵੇ। ਇਸ ਮੌਕੇ ਪਿੰਡ ਵਾਸੀਆਂ ਨੇ ਦੱਸਿਆ ਕਿ ਪਿਛਲੇ ਕਈ ਸਮੇਂ ਤੋਂ ਇਹ ਸਮੱਸਿਆ ਚੱਲ ਰਹੀ ਹੈ ਪਰ ਹਾਲੇ ਤੱਕ ਕੋਈ ਹੱਲ ਨਹੀਂ ਹੋਇਆ। ਉਨ੍ਹਾਂ ਕਿਹਾ ਕਿ ਜੇਕਰ ਜਲਦ ਕਾਰਵਾਈ ਨਾ ਹੋਈ ਤਾਂ ਸੰਘਰਸ਼ ਤੇਜ਼ ਕੀਤਾ ਜਾਵੇਗਾ।
ਪੰਜਾਬ ਦਾ ਖੁਲਾਸਾ ਸ੍ਰੀ ਮੁਕਤਸਰ ਸਾਹਿਬ ਜ਼ਿਲ੍ਹੇ ਦੇ ਵੱਖ-ਵੱਖ ਪਿੰਡਾਂ ਵਿੱਚ ਲੋਕਾਂ ਨੇ ਪ੍ਰਸ਼ਾਸਨ ਤੋਂ ਮੰਗ ਕੀਤੀ ਕਿ ਇਸ ਮਾਮਲੇ ਦੀ ਨਿਰਪੱਖ ਜਾਂਚ ਕਰਵਾਈ ਜਾਵੇ ਅਤੇ ਦੋਸ਼ੀਆਂ ਖਿਲਾਫ਼ ਸਖ਼ਤ ਕਾਰਵਾਈ ਕੀਤੀ ਜਾਵੇ। ਇਸ ਮੌਕੇ ਪਿੰਡ ਵਾਸੀਆਂ ਨੇ ਦੱਸਿਆ ਕਿ ਪਿਛਲੇ ਕਈ ਸਮੇਂ ਤੋਂ ਇਹ ਸਮੱਸਿਆ ਚੱਲ ਰਹੀ ਹੈ ਪਰ ਹਾਲੇ ਤੱਕ ਕੋਈ ਹੱਲ ਨਹੀਂ ਹੋਇਆ। ਉਨ੍ਹਾਂ ਕਿਹਾ ਕਿ ਜੇਕਰ ਜਲਦ ਕਾਰਵਾਈ ਨਾ ਹੋਈ ਤਾਂ ਸੰਘਰਸ਼ ਤੇਜ਼ ਕੀਤਾ ਜਾਵੇਗਾ।
ਪੰਜਾਬ ਦਾ ਖੁਲਾਸਾ ਸ੍ਰੀ ਮੁਕਤਸਰ ਸਾਹਿਬ ਜ਼ਿਲ੍ਹੇ ਦੇ ਵੱਖ-ਵੱਖ ਪਿੰਡਾਂ ਵਿੱਚ ਲੋਕਾਂ ਨੇ ਪ੍ਰਸ਼ਾਸਨ ਤੋਂ ਮੰਗ ਕੀਤੀ ਕਿ ਇਸ ਮਾਮਲੇ ਦੀ ਨਿਰਪੱਖ ਜਾਂਚ ਕਰਵਾਈ ਜਾਵੇ ਅਤੇ ਦੋਸ਼ੀਆਂ ਖਿਲਾਫ਼ ਸਖ਼ਤ ਕਾਰਵਾਈ ਕੀਤੀ ਜਾਵੇ। ਇਸ ਮੌਕੇ ਪਿੰਡ ਵਾਸੀਆਂ ਨੇ ਦੱਸਿਆ ਕਿ ਪਿਛਲੇ ਕਈ ਸਮੇਂ ਤੋਂ ਇਹ ਸਮੱਸਿਆ ਚੱਲ ਰਹੀ ਹੈ ਪਰ ਹਾਲੇ ਤੱਕ ਕੋਈ ਹੱਲ ਨਹੀਂ ਹੋਇਆ। ਉਨ੍ਹਾਂ ਕਿਹਾ ਕਿ ਜੇਕਰ ਜਲਦ ਕਾਰਵਾਈ ਨਾ ਹੋਈ ਤਾਂ ਸੰਘਰਸ਼ ਤੇਜ਼ ਕੀਤਾ ਜਾਵੇਗਾ।
ਵੋਮਾਰਪਸਾਨ ਵੀਰਪਾਲ ਕੌਰ ਦੇ ਕਤਲ ਪਹੁੰਚੇ ਗਾ. ਪਿੰਡਾਂ
ਸਮਾਜ ਦੇ ਲੋਕਾਂ ਨੇ ਇੱਕਠੇ ਹੋ ਕੇ ਪਰਿਵਾਰ ਨਾਲ ਦੁੱਖ ਸਾਂਝਾ ਕੀਤਾ
ਪੰਜਾਬ ਦਾ ਖੁਲਾਸਾ ਸ੍ਰੀ ਮੁਕਤਸਰ ਸਾਹਿਬ ਜ਼ਿਲ੍ਹੇ ਦੇ ਵੱਖ-ਵੱਖ ਪਿੰਡਾਂ ਵਿੱਚ ਲੋਕਾਂ ਨੇ ਪ੍ਰਸ਼ਾਸਨ ਤੋਂ ਮੰਗ ਕੀਤੀ ਕਿ ਇਸ ਮਾਮਲੇ ਦੀ ਨਿਰਪੱਖ ਜਾਂਚ ਕਰਵਾਈ ਜਾਵੇ ਅਤੇ ਦੋਸ਼ੀਆਂ ਖਿਲਾਫ਼ ਸਖ਼ਤ ਕਾਰਵਾਈ ਕੀਤੀ ਜਾਵੇ। ਇਸ ਮੌਕੇ ਪਿੰਡ ਵਾਸੀਆਂ ਨੇ ਦੱਸਿਆ ਕਿ ਪਿਛਲੇ ਕਈ ਸਮੇਂ ਤੋਂ ਇਹ ਸਮੱਸਿਆ ਚੱਲ ਰਹੀ ਹੈ ਪਰ ਹਾਲੇ ਤੱਕ ਕੋਈ ਹੱਲ ਨਹੀਂ ਹੋਇਆ। ਉਨ੍ਹਾਂ ਕਿਹਾ ਕਿ ਜੇਕਰ ਜਲਦ ਕਾਰਵਾਈ ਨਾ ਹੋਈ ਤਾਂ ਸੰਘਰਸ਼ ਤੇਜ਼ ਕੀਤਾ ਜਾਵੇਗਾ।
ਪੰਜਾਬ ਦਾ ਖੁਲਾਸਾ ਸ੍ਰੀ ਮੁਕਤਸਰ ਸਾਹਿਬ ਜ਼ਿਲ੍ਹੇ ਦੇ ਵੱਖ-ਵੱਖ ਪਿੰਡਾਂ ਵਿੱਚ ਲੋਕਾਂ ਨੇ ਪ੍ਰਸ਼ਾਸਨ ਤੋਂ ਮੰਗ ਕੀਤੀ ਕਿ ਇਸ ਮਾਮਲੇ ਦੀ ਨਿਰਪੱਖ ਜਾਂਚ ਕਰਵਾਈ ਜਾਵੇ ਅਤੇ ਦੋਸ਼ੀਆਂ ਖਿਲਾਫ਼ ਸਖ਼ਤ ਕਾਰਵਾਈ ਕੀਤੀ ਜਾਵੇ। ਇਸ ਮੌਕੇ ਪਿੰਡ ਵਾਸੀਆਂ ਨੇ ਦੱਸਿਆ ਕਿ ਪਿਛਲੇ ਕਈ ਸਮੇਂ ਤੋਂ ਇਹ ਸਮੱਸਿਆ ਚੱਲ ਰਹੀ ਹੈ ਪਰ ਹਾਲੇ ਤੱਕ ਕੋਈ ਹੱਲ ਨਹੀਂ ਹੋਇਆ। ਉਨ੍ਹਾਂ ਕਿਹਾ ਕਿ ਜੇਕਰ ਜਲਦ ਕਾਰਵਾਈ ਨਾ ਹੋਈ ਤਾਂ ਸੰਘਰਸ਼ ਤੇਜ਼ ਕੀਤਾ ਜਾਵੇਗਾ।
ਪੰਜਾਬ ਦਾ ਖੁਲਾਸਾ ਸ੍ਰੀ ਮੁਕਤਸਰ ਸਾਹਿਬ ਜ਼ਿਲ੍ਹੇ ਦੇ ਵੱਖ-ਵੱਖ ਪਿੰਡਾਂ ਵਿੱਚ ਲੋਕਾਂ ਨੇ ਪ੍ਰਸ਼ਾਸਨ ਤੋਂ ਮੰਗ ਕੀਤੀ ਕਿ ਇਸ ਮਾਮਲੇ ਦੀ ਨਿਰਪੱਖ ਜਾਂਚ ਕਰਵਾਈ ਜਾਵੇ ਅਤੇ ਦੋਸ਼ੀਆਂ ਖਿਲਾਫ਼ ਸਖ਼ਤ ਕਾਰਵਾਈ ਕੀਤੀ ਜਾਵੇ। ਇਸ ਮੌਕੇ ਪਿੰਡ ਵਾਸੀਆਂ ਨੇ ਦੱਸਿਆ ਕਿ ਪਿਛਲੇ ਕਈ ਸਮੇਂ ਤੋਂ ਇਹ ਸਮੱਸਿਆ ਚੱਲ ਰਹੀ ਹੈ ਪਰ ਹਾਲੇ ਤੱਕ ਕੋਈ ਹੱਲ ਨਹੀਂ ਹੋਇਆ। ਉਨ੍ਹਾਂ ਕਿਹਾ ਕਿ ਜੇਕਰ ਜਲਦ ਕਾਰਵਾਈ ਨਾ ਹੋਈ ਤਾਂ ਸੰਘਰਸ਼ ਤੇਜ਼ ਕੀਤਾ ਜਾਵੇਗਾ।
ਅਨੇਕਾਂ ਅਣ-ਅਧਿਕਾਰਤ ਕਲੋਨੀਆਂ ਮਲੋਟ 'ਚ ਕੱਟੀਆਂ ਜਾ ਰਹੀਆ ਹਨ ਪਰ ਕਾਰਵਾਈ ਸਿਰਫ਼ ਇੱਕ ਕਲੋਨੀ ਖਿਲਾਫ਼
ਮਿਲੀਭੁਗਤ ਨਾਲ ਮਲੋਟ ਦੇ ਵਧੀ ਕਾਰਗੁਜਾਰੀ ਆਖਿਆਂ ਵੱਲੋਂ ਵੀ ਕੱਟੀਆਂ ਜਾ ਰਹੀਆਂ ਹਨ ਕਈ ਅਣ-ਅਧਿਕਾਰਤ ਕਲੋਨੀਆਂ
ਪੰਜਾਬ ਦਾ ਖੁਲਾਸਾ
ਪੰਜਾਬ ਦਾ ਖੁਲਾਸਾ ਸ੍ਰੀ ਮੁਕਤਸਰ ਸਾਹਿਬ ਜ਼ਿਲ੍ਹੇ ਦੇ ਵੱਖ-ਵੱਖ ਪਿੰਡਾਂ ਵਿੱਚ ਲੋਕਾਂ ਨੇ ਪ੍ਰਸ਼ਾਸਨ ਤੋਂ ਮੰਗ ਕੀਤੀ ਕਿ ਇਸ ਮਾਮਲੇ ਦੀ ਨਿਰਪੱਖ ਜਾਂਚ ਕਰਵਾਈ ਜਾਵੇ ਅਤੇ ਦੋਸ਼ੀਆਂ ਖਿਲਾਫ਼ ਸਖ਼ਤ ਕਾਰਵਾਈ ਕੀਤੀ ਜਾਵੇ। ਇਸ ਮੌਕੇ ਪਿੰਡ ਵਾਸੀਆਂ ਨੇ ਦੱਸਿਆ ਕਿ ਪਿਛਲੇ ਕਈ ਸਮੇਂ ਤੋਂ ਇਹ ਸਮੱਸਿਆ ਚੱਲ ਰਹੀ ਹੈ ਪਰ ਹਾਲੇ ਤੱਕ ਕੋਈ ਹੱਲ ਨਹੀਂ ਹੋਇਆ। ਉਨ੍ਹਾਂ ਕਿਹਾ ਕਿ
ਅਧਿਕਾਰਤ ਕਲੋਨੀਆਂ ਦੀਆਂ ਰਜਿਸਟਰੀਆਂ ਕਰਨ ਜਾਂ ਕੀ ਖ਼ੁੜ ਜਾਂ ਕੀ ਬਣਦਾ ਕੀ ਬਣਦਾ ਹੈ ਤੇ ਕੀ ਹਰ ਵਾਲ ਕਰਦੇ ਹਨ
ਪੰਜਾਬ ਦਾ ਖੁਲਾਸਾ ਸ੍ਰੀ ਮੁਕਤਸਰ ਸਾਹਿਬ ਜ਼ਿਲ੍ਹੇ ਦੇ ਵੱਖ-ਵੱਖ ਪਿੰਡਾਂ ਵਿੱਚ ਲੋਕਾਂ ਨੇ ਪ੍ਰਸ਼ਾਸਨ ਤੋਂ ਮੰਗ ਕੀਤੀ ਕਿ ਇਸ ਮਾਮਲੇ ਦੀ ਨਿਰਪੱਖ ਜਾਂਚ ਕਰਵਾਈ ਜਾਵੇ ਅਤੇ ਦੋਸ਼ੀਆਂ ਖਿਲਾਫ਼ ਸਖ਼ਤ ਕਾਰਵਾਈ ਕੀਤੀ ਜਾਵੇ। ਇਸ ਮੌਕੇ ਪਿੰਡ ਵਾਸੀਆਂ ਨੇ ਦੱਸਿਆ ਕਿ ਪਿਛਲੇ ਕਈ ਸਮੇਂ ਤੋਂ ਇਹ ਸਮੱਸਿਆ ਚੱਲ ਰਹੀ ਹੈ ਪਰ ਹਾਲੇ ਤੱਕ ਕੋਈ ਹੱਲ ਨਹੀਂ ਹੋਇਆ। ਉਨ੍ਹਾਂ ਕਿਹਾ ਕਿ ਜੇਕਰ ਜਲਦ ਕਾਰਵਾਈ ਨਾ ਹੋਈ ਤਾਂ ਸੰਘਰਸ਼ ਤੇਜ਼ ਕੀਤਾ ਜਾਵੇਗਾ।
ਪੰਜਾਬ ਦਾ ਖੁਲਾਸਾ ਸ੍ਰੀ ਮੁਕਤਸਰ ਸਾਹਿਬ ਜ਼ਿਲ੍ਹੇ ਦੇ ਵੱਖ-ਵੱਖ ਪਿੰਡਾਂ ਵਿੱਚ ਲੋਕਾਂ ਨੇ ਪ੍ਰਸ਼ਾਸਨ ਤੋਂ ਮੰਗ ਕੀਤੀ ਕਿ ਇਸ ਮਾਮਲੇ ਦੀ ਨਿਰਪੱਖ ਜਾਂਚ ਕਰਵਾਈ ਜਾਵੇ ਅਤੇ ਦੋਸ਼ੀਆਂ ਖਿਲਾਫ਼ ਸਖ਼ਤ ਕਾਰਵਾਈ ਕੀਤੀ ਜਾਵੇ। ਇਸ ਮੌਕੇ ਪਿੰਡ ਵਾਸੀਆਂ ਨੇ ਦੱਸਿਆ ਕਿ ਪਿਛਲੇ ਕਈ ਸਮੇਂ ਤੋਂ ਇਹ ਸਮੱਸਿਆ ਚੱਲ ਰਹੀ ਹੈ ਪਰ ਹਾਲੇ ਤੱਕ ਕੋਈ ਹੱਲ ਨਹੀਂ ਹੋਇਆ। ਉਨ੍ਹਾਂ ਕਿਹਾ ਕਿ ਜੇਕਰ ਜਲਦ ਕਾਰਵਾਈ ਨਾ ਹੋਈ ਤਾਂ ਸੰਘਰਸ਼ ਤੇਜ਼ ਕੀਤਾ ਜਾਵੇਗਾ।
ਪੰਜਾਬ ਦਾ ਖੁਲਾਸਾ ਸ੍ਰੀ ਮੁਕਤਸਰ ਸਾਹਿਬ ਜ਼ਿਲ੍ਹੇ ਦੇ ਵੱਖ-ਵੱਖ ਪਿੰਡਾਂ ਵਿੱਚ ਲੋਕਾਂ ਨੇ ਪ੍ਰਸ਼ਾਸਨ ਤੋਂ ਮੰਗ ਕੀਤੀ ਕਿ ਇਸ ਮਾਮਲੇ ਦੀ ਨਿਰਪੱਖ ਜਾਂਚ ਕਰਵਾਈ ਜਾਵੇ ਅਤੇ ਦੋਸ਼ੀਆਂ ਖਿਲਾਫ਼ ਸਖ਼ਤ ਕਾਰਵਾਈ ਕੀਤੀ ਜਾਵੇ। ਇਸ ਮੌਕੇ ਪਿੰਡ ਵਾਸੀਆਂ ਨੇ ਦੱਸਿਆ ਕਿ ਪਿਛਲੇ ਕਈ ਸਮੇਂ ਤੋਂ ਇਹ ਸਮੱਸਿਆ ਚੱਲ ਰਹੀ ਹੈ ਪਰ ਹਾਲੇ ਤੱਕ ਕੋਈ ਹੱਲ ਨਹੀਂ ਹੋਇਆ। ਉਨ੍ਹਾਂ ਕਿਹਾ ਕਿ ਜੇਕਰ ਜਲਦ ਕਾਰਵਾਈ ਨਾ ਹੋਈ ਤਾਂ ਸੰਘਰਸ਼ ਤੇਜ਼ ਕੀਤਾ ਜਾਵੇਗਾ।
ਪੰਜਾਬ ਦਾ ਖੁਲਾਸਾ ਸ੍ਰੀ ਮੁਕਤਸਰ ਸਾਹਿਬ ਜ਼ਿਲ੍ਹੇ ਦੇ ਵੱਖ-ਵੱਖ ਪਿੰਡਾਂ ਵਿੱਚ ਲੋਕਾਂ ਨੇ ਪ੍ਰਸ਼ਾਸਨ ਤੋਂ ਮੰਗ ਕੀਤੀ ਕਿ ਇਸ ਮਾਮਲੇ ਦੀ ਨਿਰਪੱਖ ਜਾਂਚ ਕਰਵਾਈ ਜਾਵੇ ਅਤੇ ਦੋਸ਼ੀਆਂ ਖਿਲਾਫ਼ ਸਖ਼ਤ ਕਾਰਵਾਈ ਕੀਤੀ ਜਾਵੇ। ਇਸ ਮੌਕੇ ਪਿੰਡ ਵਾਸੀਆਂ ਨੇ ਦੱਸਿਆ ਕਿ ਪਿਛਲੇ ਕਈ ਸਮੇਂ ਤੋਂ ਇਹ ਸਮੱਸਿਆ ਚੱਲ ਰਹੀ ਹੈ ਪਰ ਹਾਲੇ ਤੱਕ ਕੋਈ ਹੱਲ ਨਹੀਂ ਹੋਇਆ। ਉਨ੍ਹਾਂ ਕਿਹਾ ਕਿ ਜੇਕਰ ਜਲਦ ਕਾਰਵਾਈ ਨਾ ਹੋਈ ਤਾਂ ਸੰਘਰਸ਼ ਤੇਜ਼ ਕੀਤਾ ਜਾਵੇਗਾ।
ਪੰਜਾਬ ਦਾ ਖੁਲਾਸਾ ਸ੍ਰੀ ਮੁਕਤਸਰ ਸਾਹਿਬ ਜ਼ਿਲ੍ਹੇ ਦੇ ਵੱਖ-ਵੱਖ ਪਿੰਡਾਂ ਵਿੱਚ ਲੋਕਾਂ ਨੇ ਪ੍ਰਸ਼ਾਸਨ ਤੋਂ ਮੰਗ ਕੀਤੀ ਕਿ ਇਸ ਮਾਮਲੇ ਦੀ ਨਿਰਪੱਖ ਜਾਂਚ ਕਰਵਾਈ ਜਾਵੇ ਅਤੇ ਦੋਸ਼ੀਆਂ ਖਿਲਾਫ਼ ਸਖ਼ਤ ਕਾਰਵਾਈ ਕੀਤੀ ਜਾਵੇ। ਇਸ ਮੌਕੇ ਪਿੰਡ ਵਾਸੀਆਂ ਨੇ ਦੱਸਿਆ ਕਿ ਪਿਛਲੇ ਕਈ ਸਮੇਂ ਤੋਂ ਇਹ ਸਮੱਸਿਆ ਚੱਲ ਰਹੀ ਹੈ ਪਰ ਹਾਲੇ ਤੱਕ ਕੋਈ ਹੱਲ ਨਹੀਂ ਹੋਇਆ। ਉਨ੍ਹਾਂ ਕਿਹਾ ਕਿ ਜੇਕਰ ਜਲਦ ਕਾਰਵਾਈ ਨਾ ਹੋਈ ਤਾਂ ਸੰਘਰਸ਼ ਤੇਜ਼ ਕੀਤਾ ਜਾਵੇਗਾ।
ਪੰਜਾਬ ਦਾ ਖੁਲਾਸਾ ਸ੍ਰੀ ਮੁਕਤਸਰ ਸਾਹਿਬ ਜ਼ਿਲ੍ਹੇ ਦੇ ਵੱਖ-ਵੱਖ ਪਿੰਡਾਂ ਵਿੱਚ ਲੋਕਾਂ ਨੇ ਪ੍ਰਸ਼ਾਸਨ ਤੋਂ ਮੰਗ ਕੀਤੀ ਕਿ ਇਸ ਮਾਮਲੇ ਦੀ ਨਿਰਪੱਖ ਜਾਂਚ ਕਰਵਾਈ ਜਾਵੇ ਅਤੇ ਦੋਸ਼ੀਆਂ ਖਿਲਾਫ਼ ਸਖ਼ਤ ਕਾਰਵਾਈ ਕੀਤੀ ਜਾਵੇ। ਇਸ ਮੌਕੇ ਪਿੰਡ ਵਾਸੀਆਂ ਨੇ ਦੱਸਿਆ ਕਿ ਪਿਛਲੇ ਕਈ ਸਮੇਂ ਤੋਂ ਇਹ ਸਮੱਸਿਆ ਚੱਲ ਰਹੀ ਹੈ ਪਰ ਹਾਲੇ ਤੱਕ ਕੋਈ ਹੱਲ ਨਹੀਂ ਹੋਇਆ। ਉਨ੍ਹਾਂ ਕਿਹਾ ਕਿ ਜੇਕਰ ਜਲਦ ਕਾਰਵਾਈ ਨਾ ਹੋਈ ਤਾਂ ਸੰਘਰਸ਼ ਤੇਜ਼ ਕੀਤਾ ਜਾਵੇਗਾ।
ਪੰਜਾਬ ਦਾ ਖੁਲਾਸਾ ਸ੍ਰੀ ਮੁਕਤਸਰ ਸਾਹਿਬ ਜ਼ਿਲ੍ਹੇ ਦੇ ਵੱਖ-ਵੱਖ ਪਿੰਡਾਂ ਵਿੱਚ ਲੋਕਾਂ ਨੇ ਪ੍ਰਸ਼ਾਸਨ ਤੋਂ ਮੰਗ ਕੀਤੀ ਕਿ ਇਸ ਮਾਮਲੇ ਦੀ ਨਿਰਪੱਖ ਜਾਂਚ ਕਰਵਾਈ ਜਾਵੇ ਅਤੇ ਦੋਸ਼ੀਆਂ ਖਿਲਾਫ਼ ਸਖ਼ਤ ਕਾਰਵਾਈ ਕੀਤੀ ਜਾਵੇ। ਇਸ ਮੌਕੇ ਪਿੰਡ ਵਾਸੀਆਂ ਨੇ ਦੱਸਿਆ ਕਿ ਪਿਛਲੇ ਕਈ ਸਮੇਂ ਤੋਂ ਇਹ ਸਮੱਸਿਆ ਚੱਲ ਰਹੀ ਹੈ ਪਰ ਹਾਲੇ ਤੱਕ ਕੋਈ ਹੱਲ ਨਹੀਂ ਹੋਇਆ। ਉਨ੍ਹਾਂ ਕਿਹਾ ਕਿ ਜੇਕਰ ਜਲਦ ਕਾਰਵਾਈ ਨਾ ਹੋਈ ਤਾਂ ਸੰਘਰਸ਼ ਤੇਜ਼ ਕੀਤਾ ਜਾਵੇਗਾ।
ਪੰਜਾਬ ਦਾ ਖੁਲਾਸਾ ਸ੍ਰੀ ਮੁਕਤਸਰ ਸਾਹਿਬ ਜ਼ਿਲ੍ਹੇ ਦੇ ਵੱਖ-ਵੱਖ ਪਿੰਡਾਂ ਵਿੱਚ ਲੋਕਾਂ ਨੇ ਪ੍ਰਸ਼ਾਸਨ ਤੋਂ ਮੰਗ ਕੀਤੀ ਕਿ ਇਸ ਮਾਮਲੇ ਦੀ ਨਿਰਪੱਖ ਜਾਂਚ ਕਰਵਾਈ ਜਾਵੇ ਅਤੇ ਦੋਸ਼ੀਆਂ ਖਿਲਾਫ਼ ਸਖ਼ਤ ਕਾਰਵਾਈ ਕੀਤੀ ਜਾਵੇ। ਇਸ ਮੌਕੇ ਪਿੰਡ ਵਾਸੀਆਂ ਨੇ ਦੱਸਿਆ ਕਿ ਪਿਛਲੇ ਕਈ ਸਮੇਂ ਤੋਂ ਇਹ ਸਮੱਸਿਆ ਚੱਲ ਰਹੀ ਹੈ ਪਰ ਹਾਲੇ ਤੱਕ ਕੋਈ ਹੱਲ ਨਹੀਂ ਹੋਇਆ। ਉਨ੍ਹਾਂ ਕਿਹਾ ਕਿ ਜੇਕਰ ਜਲਦ ਕਾਰਵਾਈ ਨਾ ਹੋਈ ਤਾਂ ਸੰਘਰਸ਼ ਤੇਜ਼ ਕੀਤਾ ਜਾਵੇਗਾ।
ਪੰਜਾਬ ਦਾ ਖੁਲਾਸਾ ਸ੍ਰੀ ਮੁਕਤਸਰ ਸਾਹਿਬ ਜ਼ਿਲ੍ਹੇ ਦੇ ਵੱਖ-ਵੱਖ ਪਿੰਡਾਂ ਵਿੱਚ ਲੋਕਾਂ ਨੇ ਪ੍ਰਸ਼ਾਸਨ ਤੋਂ ਮੰਗ ਕੀਤੀ ਕਿ ਇਸ ਮਾਮਲੇ ਦੀ ਨਿਰਪੱਖ ਜਾਂਚ ਕਰਵਾਈ ਜਾਵੇ ਅਤੇ ਦੋਸ਼ੀਆਂ ਖਿਲਾਫ਼ ਸਖ਼ਤ ਕਾਰਵਾਈ ਕੀਤੀ ਜਾਵੇ। ਇਸ ਮੌਕੇ ਪਿੰਡ ਵਾਸੀਆਂ ਨੇ ਦੱਸਿਆ ਕਿ ਪਿਛਲੇ ਕਈ ਸਮੇਂ ਤੋਂ ਇਹ ਸਮੱਸਿਆ ਚੱਲ ਰਹੀ ਹੈ ਪਰ ਹਾਲੇ ਤੱਕ ਕੋਈ ਹੱਲ ਨਹੀਂ ਹੋਇਆ। ਉਨ੍ਹਾਂ ਕਿਹਾ ਕਿ ਜੇਕਰ ਜਲਦ ਕਾਰਵਾਈ ਨਾ ਹੋਈ ਤਾਂ ਸੰਘਰਸ਼ ਤੇਜ਼ ਕੀਤਾ ਜਾਵੇਗਾ।
ਪੰਜਾਬ ਦਾ ਖੁਲਾਸਾ ਸ੍ਰੀ ਮੁਕਤਸਰ ਸਾਹਿਬ ਜ਼ਿਲ੍ਹੇ ਦੇ ਵੱਖ-ਵੱਖ ਪਿੰਡਾਂ ਵਿੱਚ ਲੋਕਾਂ ਨੇ ਪ੍ਰਸ਼ਾਸਨ ਤੋਂ ਮੰਗ ਕੀਤੀ ਕਿ ਇਸ ਮਾਮਲੇ ਦੀ ਨਿਰਪੱਖ ਜਾਂਚ ਕਰਵਾਈ ਜਾਵੇ ਅਤੇ ਦੋਸ਼ੀਆਂ ਖਿਲਾਫ਼ ਸਖ਼ਤ ਕਾਰਵਾਈ ਕੀਤੀ ਜਾਵੇ। ਇਸ ਮੌਕੇ ਪਿੰਡ ਵਾਸੀਆਂ ਨੇ ਦੱਸਿਆ ਕਿ ਪਿਛਲੇ ਕਈ ਸਮੇਂ ਤੋਂ ਇਹ ਸਮੱਸਿਆ ਚੱਲ ਰਹੀ ਹੈ ਪਰ ਹਾਲੇ ਤੱਕ ਕੋਈ ਹੱਲ ਨਹੀਂ ਹੋਇਆ। ਉਨ੍ਹਾਂ ਕਿਹਾ ਕਿ ਜੇਕਰ ਜਲਦ ਕਾਰਵਾਈ ਨਾ ਹੋਈ ਤਾਂ ਸੰਘਰਸ਼ ਤੇਜ਼ ਕੀਤਾ ਜਾਵੇਗਾ।
ਆਪਣਾ ਸਿੱਗ ਢੱਕ ਕੇ ਚੁੱਪੀ ਵੱਟਣਾ ਕਿੱਧਰ ਦਾ ਪ੍ਰਸ਼ਾਸਨ
ਮੌਕਾ ਪ੍ਰਾਪਤ ਵਿਅਕਤੀ ਵੱਲੋਂ ਮਿਲੀ-ਭੁਗਤ ਨਾਲ ਵੇਚ ਦਿੱਤੀ ਗਈ ਸੀ ਨਗਰ ਕੌਂਸਲ ਦੇ ਨਾਮ ਦੀ ਪੰਚਾਇਤੀ ਜ਼ਮੀਨ
ਪੰਜਾਬ ਦਾ ਖੁਲਾਸਾ
ਪੰਜਾਬ ਦਾ ਖੁਲਾਸਾ ਸ੍ਰੀ ਮੁਕਤਸਰ ਸਾਹਿਬ ਜ਼ਿਲ੍ਹੇ ਦੇ ਵੱਖ-ਵੱਖ ਪਿੰਡਾਂ ਵਿੱਚ ਲੋਕਾਂ ਨੇ ਪ੍ਰਸ਼ਾਸਨ ਤੋਂ ਮੰਗ ਕੀਤੀ ਕਿ ਇਸ ਮਾਮਲੇ ਦੀ ਨਿਰਪੱਖ ਜਾਂਚ ਕਰਵਾਈ ਜਾਵੇ ਅਤੇ ਦੋਸ਼ੀਆਂ ਖਿਲਾਫ਼ ਸਖ਼ਤ ਕਾਰਵਾਈ ਕੀਤੀ ਜਾਵੇ। ਇਸ ਮੌਕੇ ਪਿੰਡ ਵਾਸੀਆਂ ਨੇ ਦੱਸਿਆ ਕਿ ਪਿਛਲੇ ਕਈ ਸਮੇਂ ਤੋਂ ਇਹ ਸਮੱਸਿਆ ਚੱਲ ਰਹੀ ਹੈ ਪਰ ਹਾਲੇ ਤੱਕ ਕੋਈ ਹੱਲ ਨਹੀਂ ਹੋਇਆ। ਉਨ੍ਹਾਂ ਕਿਹਾ ਕਿ ਜੇਕਰ ਜਲਦ ਕਾਰਵਾਈ ਨਾ ਹੋਈ ਤਾਂ ਸੰਘਰਸ਼ ਤੇਜ਼ ਕੀਤਾ ਜਾਵੇਗਾ।
ਅਜੇਹੇ ਕਿਉਂ ਲਗੀ ਦੀਤੀ ਜਾ ਰਹੀ ਹੈ ਦੀਤੇ 345 ਕਨ੍ਹਾਲ ਜ਼ਮੀਨ ਦੀ ਖ਼ਰੀਦੋ ਵੇਚ
ਪੰਜਾਬ ਦਾ ਖੁਲਾਸਾ ਸ੍ਰੀ ਮੁਕਤਸਰ ਸਾਹਿਬ ਜ਼ਿਲ੍ਹੇ ਦੇ ਵੱਖ-ਵੱਖ ਪਿੰਡਾਂ ਵਿੱਚ ਲੋਕਾਂ ਨੇ ਪ੍ਰਸ਼ਾਸਨ ਤੋਂ ਮੰਗ ਕੀਤੀ ਕਿ ਇਸ ਮਾਮਲੇ ਦੀ ਨਿਰਪੱਖ ਜਾਂਚ ਕਰਵਾਈ ਜਾਵੇ ਅਤੇ ਦੋਸ਼ੀਆਂ ਖਿਲਾਫ਼ ਸਖ਼ਤ ਕਾਰਵਾਈ ਕੀਤੀ ਜਾਵੇ। ਇਸ ਮੌਕੇ ਪਿੰਡ ਵਾਸੀਆਂ ਨੇ ਦੱਸਿਆ ਕਿ ਪਿਛਲੇ ਕਈ ਸਮੇਂ ਤੋਂ ਇਹ ਸਮੱਸਿਆ ਚੱਲ ਰਹੀ ਹੈ ਪਰ ਹਾਲੇ ਤੱਕ ਕੋਈ ਹੱਲ ਨਹੀਂ ਹੋਇਆ। ਉਨ੍ਹਾਂ ਕਿਹਾ ਕਿ ਜੇਕਰ ਜਲਦ ਕਾਰਵਾਈ ਨਾ ਹੋਈ ਤਾਂ ਸੰਘਰਸ਼ ਤੇਜ਼ ਕੀਤਾ ਜਾਵੇਗਾ।
ਪੰਜਾਬ ਦਾ ਖੁਲਾਸਾ ਸ੍ਰੀ ਮੁਕਤਸਰ ਸਾਹਿਬ ਜ਼ਿਲ੍ਹੇ ਦੇ ਵੱਖ-ਵੱਖ ਪਿੰਡਾਂ ਵਿੱਚ ਲੋਕਾਂ ਨੇ ਪ੍ਰਸ਼ਾਸਨ ਤੋਂ ਮੰਗ ਕੀਤੀ ਕਿ ਇਸ ਮਾਮਲੇ ਦੀ ਨਿਰਪੱਖ ਜਾਂਚ ਕਰਵਾਈ ਜਾਵੇ ਅਤੇ ਦੋਸ਼ੀਆਂ ਖਿਲਾਫ਼ ਸਖ਼ਤ ਕਾਰਵਾਈ ਕੀਤੀ ਜਾਵੇ। ਇਸ ਮੌਕੇ ਪਿੰਡ ਵਾਸੀਆਂ ਨੇ ਦੱਸਿਆ ਕਿ ਪਿਛਲੇ ਕਈ ਸਮੇਂ ਤੋਂ ਇਹ ਸਮੱਸਿਆ ਚੱਲ ਰਹੀ ਹੈ ਪਰ ਹਾਲੇ ਤੱਕ ਕੋਈ ਹੱਲ ਨਹੀਂ ਹੋਇਆ। ਉਨ੍ਹਾਂ ਕਿਹਾ ਕਿ ਜੇਕਰ ਜਲਦ ਕਾਰਵਾਈ ਨਾ ਹੋਈ ਤਾਂ ਸੰਘਰਸ਼ ਤੇਜ਼ ਕੀਤਾ ਜਾਵੇਗਾ।
ਪੰਜਾਬ ਦਾ ਖੁਲਾਸਾ ਸ੍ਰੀ ਮੁਕਤਸਰ ਸਾਹਿਬ ਜ਼ਿਲ੍ਹੇ ਦੇ ਵੱਖ-ਵੱਖ ਪਿੰਡਾਂ ਵਿੱਚ ਲੋਕਾਂ ਨੇ ਪ੍ਰਸ਼ਾਸਨ ਤੋਂ ਮੰਗ ਕੀਤੀ ਕਿ ਇਸ ਮਾਮਲੇ ਦੀ ਨਿਰਪੱਖ ਜਾਂਚ ਕਰਵਾਈ ਜਾਵੇ ਅਤੇ ਦੋਸ਼ੀਆਂ ਖਿਲਾਫ਼ ਸਖ਼ਤ ਕਾਰਵਾਈ ਕੀਤੀ ਜਾਵੇ। ਇਸ ਮੌਕੇ ਪਿੰਡ ਵਾਸੀਆਂ ਨੇ ਦੱਸਿਆ ਕਿ ਪਿਛਲੇ ਕਈ ਸਮੇਂ ਤੋਂ ਇਹ ਸਮੱਸਿਆ ਚੱਲ ਰਹੀ ਹੈ ਪਰ ਹਾਲੇ ਤੱਕ ਕੋਈ ਹੱਲ ਨਹੀਂ ਹੋਇਆ। ਉਨ੍ਹਾਂ ਕਿਹਾ ਕਿ ਜੇਕਰ ਜਲਦ ਕਾਰਵਾਈ ਨਾ ਹੋਈ ਤਾਂ ਸੰਘਰਸ਼ ਤੇਜ਼ ਕੀਤਾ ਜਾਵੇਗਾ।
ਪੰਜਾਬ ਦਾ ਖੁਲਾਸਾ ਸ੍ਰੀ ਮੁਕਤਸਰ ਸਾਹਿਬ ਜ਼ਿਲ੍ਹੇ ਦੇ ਵੱਖ-ਵੱਖ ਪਿੰਡਾਂ ਵਿੱਚ ਲੋਕਾਂ ਨੇ ਪ੍ਰਸ਼ਾਸਨ ਤੋਂ ਮੰਗ ਕੀਤੀ ਕਿ ਇਸ ਮਾਮਲੇ ਦੀ ਨਿਰਪੱਖ ਜਾਂਚ ਕਰਵਾਈ ਜਾਵੇ ਅਤੇ ਦੋਸ਼ੀਆਂ ਖਿਲਾਫ਼ ਸਖ਼ਤ ਕਾਰਵਾਈ ਕੀਤੀ ਜਾਵੇ। ਇਸ ਮੌਕੇ ਪਿੰਡ ਵਾਸੀਆਂ ਨੇ ਦੱਸਿਆ ਕਿ ਪਿਛਲੇ ਕਈ ਸਮੇਂ ਤੋਂ ਇਹ ਸਮੱਸਿਆ ਚੱਲ ਰਹੀ ਹੈ ਪਰ ਹਾਲੇ ਤੱਕ ਕੋਈ ਹੱਲ ਨਹੀਂ ਹੋਇਆ। ਉਨ੍ਹਾਂ ਕਿਹਾ ਕਿ ਜੇਕਰ ਜਲਦ ਕਾਰਵਾਈ ਨਾ ਹੋਈ ਤਾਂ ਸੰਘਰਸ਼ ਤੇਜ਼ ਕੀਤਾ ਜਾਵੇਗਾ।
ਪੰਜਾਬ ਦਾ ਖੁਲਾਸਾ ਸ੍ਰੀ ਮੁਕਤਸਰ ਸਾਹਿਬ ਜ਼ਿਲ੍ਹੇ ਦੇ ਵੱਖ-ਵੱਖ ਪਿੰਡਾਂ ਵਿੱਚ ਲੋਕਾਂ ਨੇ ਪ੍ਰਸ਼ਾਸਨ ਤੋਂ ਮੰਗ ਕੀਤੀ ਕਿ ਇਸ ਮਾਮਲੇ ਦੀ ਨਿਰਪੱਖ ਜਾਂਚ ਕਰਵਾਈ ਜਾਵੇ ਅਤੇ ਦੋਸ਼ੀਆਂ ਖਿਲਾਫ਼ ਸਖ਼ਤ ਕਾਰਵਾਈ ਕੀਤੀ ਜਾਵੇ। ਇਸ ਮੌਕੇ ਪਿੰਡ ਵਾਸੀਆਂ ਨੇ ਦੱਸਿਆ ਕਿ ਪਿਛਲੇ ਕਈ ਸਮੇਂ ਤੋਂ ਇਹ ਸਮੱਸਿਆ ਚੱਲ ਰਹੀ ਹੈ ਪਰ ਹਾਲੇ ਤੱਕ ਕੋਈ ਹੱਲ ਨਹੀਂ ਹੋਇਆ। ਉਨ੍ਹਾਂ ਕਿਹਾ ਕਿ ਜੇਕਰ ਜਲਦ ਕਾਰਵਾਈ ਨਾ ਹੋਈ ਤਾਂ ਸੰਘਰਸ਼ ਤੇਜ਼ ਕੀਤਾ ਜਾਵੇਗਾ।
ਪੰਜਾਬ ਦਾ ਖੁਲਾਸਾ ਸ੍ਰੀ ਮੁਕਤਸਰ ਸਾਹਿਬ ਜ਼ਿਲ੍ਹੇ ਦੇ ਵੱਖ-ਵੱਖ ਪਿੰਡਾਂ ਵਿੱਚ ਲੋਕਾਂ ਨੇ ਪ੍ਰਸ਼ਾਸਨ ਤੋਂ ਮੰਗ ਕੀਤੀ ਕਿ ਇਸ ਮਾਮਲੇ ਦੀ ਨਿਰਪੱਖ ਜਾਂਚ ਕਰਵਾਈ ਜਾਵੇ ਅਤੇ ਦੋਸ਼ੀਆਂ ਖਿਲਾਫ਼ ਸਖ਼ਤ ਕਾਰਵਾਈ ਕੀਤੀ ਜਾਵੇ। ਇਸ ਮੌਕੇ ਪਿੰਡ ਵਾਸੀਆਂ ਨੇ ਦੱਸਿਆ ਕਿ ਪਿਛਲੇ ਕਈ ਸਮੇਂ ਤੋਂ ਇਹ ਸਮੱਸਿਆ ਚੱਲ ਰਹੀ ਹੈ ਪਰ ਹਾਲੇ ਤੱਕ ਕੋਈ ਹੱਲ ਨਹੀਂ ਹੋਇਆ। ਉਨ੍ਹਾਂ ਕਿਹਾ ਕਿ ਜੇਕਰ ਜਲਦ ਕਾਰਵਾਈ ਨਾ ਹੋਈ ਤਾਂ ਸੰਘਰਸ਼ ਤੇਜ਼ ਕੀਤਾ ਜਾਵੇਗਾ।
ਪੰਜਾਬ ਦਾ ਖੁਲਾਸਾ ਸ੍ਰੀ ਮੁਕਤਸਰ ਸਾਹਿਬ ਜ਼ਿਲ੍ਹੇ ਦੇ ਵੱਖ-ਵੱਖ ਪਿੰਡਾਂ ਵਿੱਚ ਲੋਕਾਂ ਨੇ ਪ੍ਰਸ਼ਾਸਨ ਤੋਂ ਮੰਗ ਕੀਤੀ ਕਿ ਇਸ ਮਾਮਲੇ ਦੀ ਨਿਰਪੱਖ ਜਾਂਚ ਕਰਵਾਈ ਜਾਵੇ ਅਤੇ ਦੋਸ਼ੀਆਂ ਖਿਲਾਫ਼ ਸਖ਼ਤ ਕਾਰਵਾਈ ਕੀਤੀ ਜਾਵੇ। ਇਸ ਮੌਕੇ ਪਿੰਡ ਵਾਸੀਆਂ ਨੇ ਦੱਸਿਆ ਕਿ ਪਿਛਲੇ ਕਈ ਸਮੇਂ ਤੋਂ ਇਹ ਸਮੱਸਿਆ ਚੱਲ ਰਹੀ ਹੈ ਪਰ ਹਾਲੇ ਤੱਕ ਕੋਈ ਹੱਲ ਨਹੀਂ ਹੋਇਆ। ਉਨ੍ਹਾਂ ਕਿਹਾ ਕਿ ਜੇਕਰ ਜਲਦ ਕਾਰਵਾਈ ਨਾ ਹੋਈ ਤਾਂ ਸੰਘਰਸ਼ ਤੇਜ਼ ਕੀਤਾ ਜਾਵੇਗਾ।
ਪੰਜਾਬ ਦਾ ਖੁਲਾਸਾ ਸ੍ਰੀ ਮੁਕਤਸਰ ਸਾਹਿਬ ਜ਼ਿਲ੍ਹੇ ਦੇ ਵੱਖ-ਵੱਖ ਪਿੰਡਾਂ ਵਿੱਚ ਲੋਕਾਂ ਨੇ ਪ੍ਰਸ਼ਾਸਨ ਤੋਂ ਮੰਗ ਕੀਤੀ ਕਿ ਇਸ ਮਾਮਲੇ ਦੀ ਨਿਰਪੱਖ ਜਾਂਚ ਕਰਵਾਈ ਜਾਵੇ ਅਤੇ ਦੋਸ਼ੀਆਂ ਖਿਲਾਫ਼ ਸਖ਼ਤ ਕਾਰਵਾਈ ਕੀਤੀ ਜਾਵੇ। ਇਸ ਮੌਕੇ ਪਿੰਡ ਵਾਸੀਆਂ ਨੇ ਦੱਸਿਆ ਕਿ ਪਿਛਲੇ ਕਈ ਸਮੇਂ ਤੋਂ ਇਹ ਸਮੱਸਿਆ ਚੱਲ ਰਹੀ ਹੈ ਪਰ ਹਾਲੇ ਤੱਕ ਕੋਈ ਹੱਲ ਨਹੀਂ ਹੋਇਆ। ਉਨ੍ਹਾਂ ਕਿਹਾ ਕਿ ਜੇਕਰ ਜਲਦ ਕਾਰਵਾਈ ਨਾ ਹੋਈ ਤਾਂ ਸੰਘਰਸ਼ ਤੇਜ਼ ਕੀਤਾ ਜਾਵੇਗਾ।
